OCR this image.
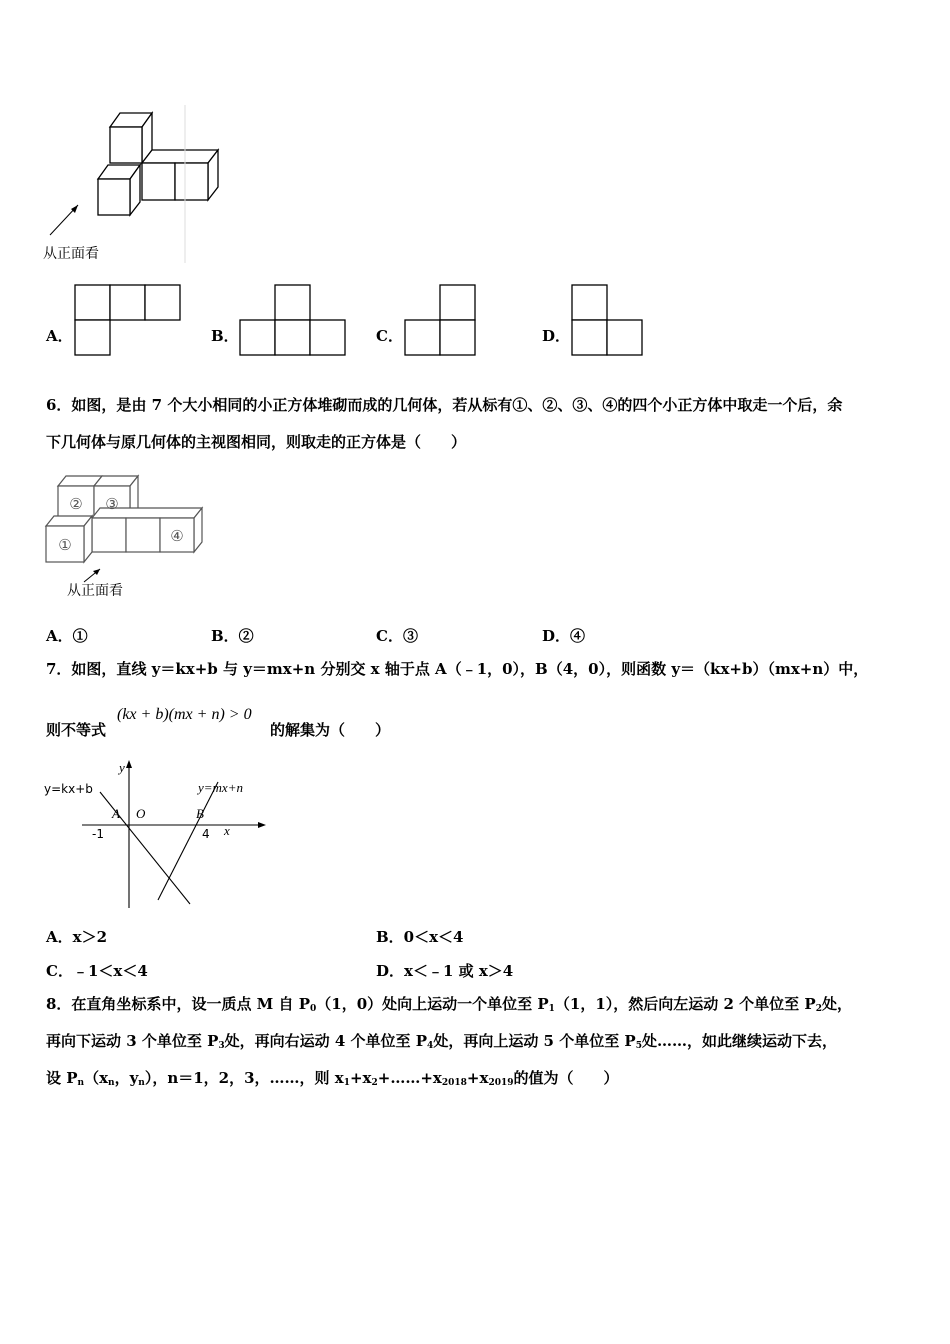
从正面看
A．	B．	C．	D．
6．如图，是由 7 个大小相同的小正方体堆砌而成的几何体，若从标有①、②、③、④的四个小正方体中取走一个后，余
下几何体与原几何体的主视图相同，则取走的正方体是（　　）
② ③
④
①
从正面看
A．①	B．②	C．③	D．④
7．如图，直线 y＝kx+b 与 y＝mx+n 分别交 x 轴于点 A（﹣1，0），B（4，0），则函数 y＝（kx+b）（mx+n）中，
则不等式
(kx + b)(mx + n) > 0
的解集为（　　）
y
x
A O	B
y=mx+n
y=kx+b
-1	4
A．x＞2	B．0＜x＜4
C．﹣1＜x＜4	D．x＜﹣1 或 x＞4
8．在直角坐标系中，设一质点 M 自 $P_0(1$，0）处向上运动一个单位至 $P_1(1$，1），然后向左运动 2 个单位至 $P_2$处，
再向下运动 3 个单位至 $P_3$处，再向右运动 4 个单位至 $P_4$处，再向上运动 5 个单位至 $P_5$处……，如此继续运动下去，
设 $P_n(x_n$，$y_n$），n＝1，2，3，……，则 $x_1+x_2+\dots\dots+x_{2018}+x_{2019}$的值为（　　）
